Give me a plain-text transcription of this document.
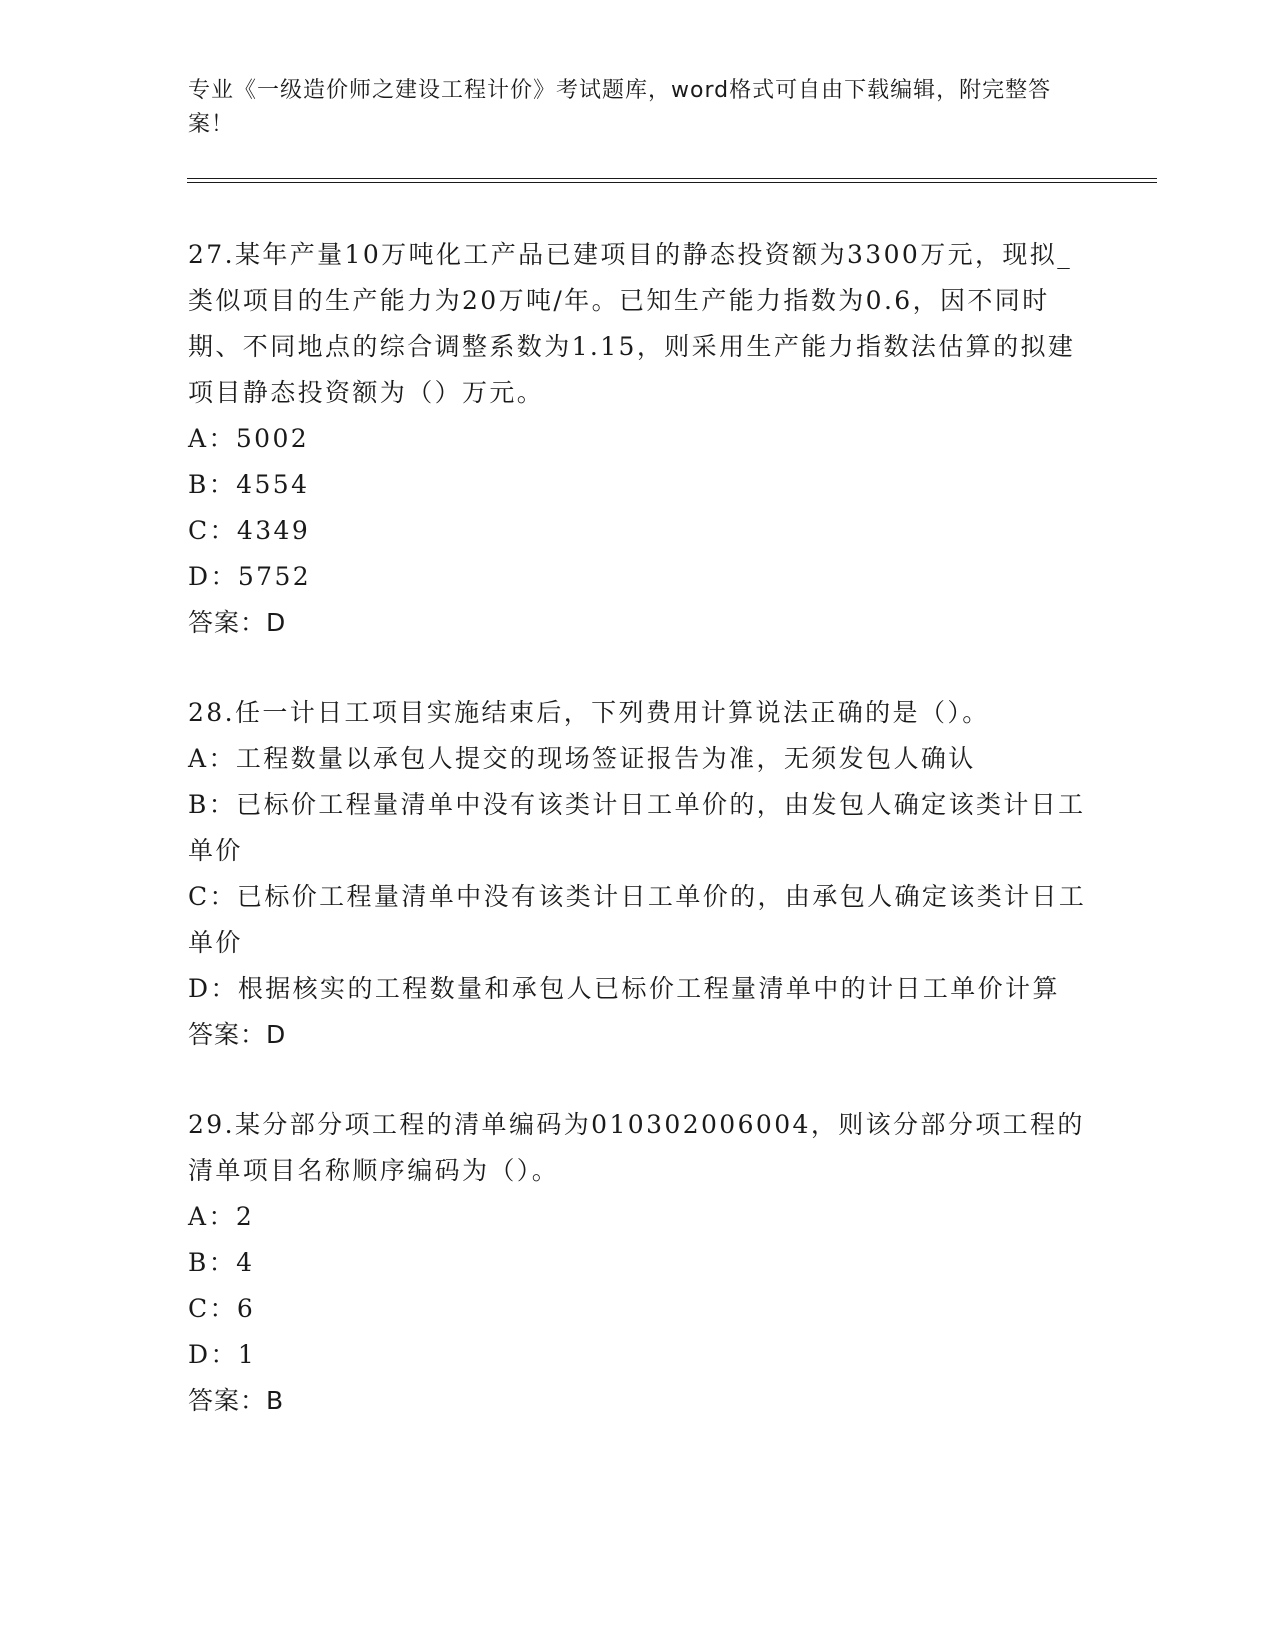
专业《一级造价师之建设工程计价》考试题库，word格式可自由下载编辑，附完整答案！
27.某年产量10万吨化工产品已建项目的静态投资额为3300万元，现拟_类似项目的生产能力为20万吨/年。已知生产能力指数为0.6，因不同时期、不同地点的综合调整系数为1.15，则采用生产能力指数法估算的拟建项目静态投资额为（）万元。
A：5002
B：4554
C：4349
D：5752
答案：D
28.任一计日工项目实施结束后，下列费用计算说法正确的是（）。
A：工程数量以承包人提交的现场签证报告为准，无须发包人确认
B：已标价工程量清单中没有该类计日工单价的，由发包人确定该类计日工单价
C：已标价工程量清单中没有该类计日工单价的，由承包人确定该类计日工单价
D：根据核实的工程数量和承包人已标价工程量清单中的计日工单价计算
答案：D
29.某分部分项工程的清单编码为010302006004，则该分部分项工程的清单项目名称顺序编码为（）。
A：2
B：4
C：6
D：1
答案：B
